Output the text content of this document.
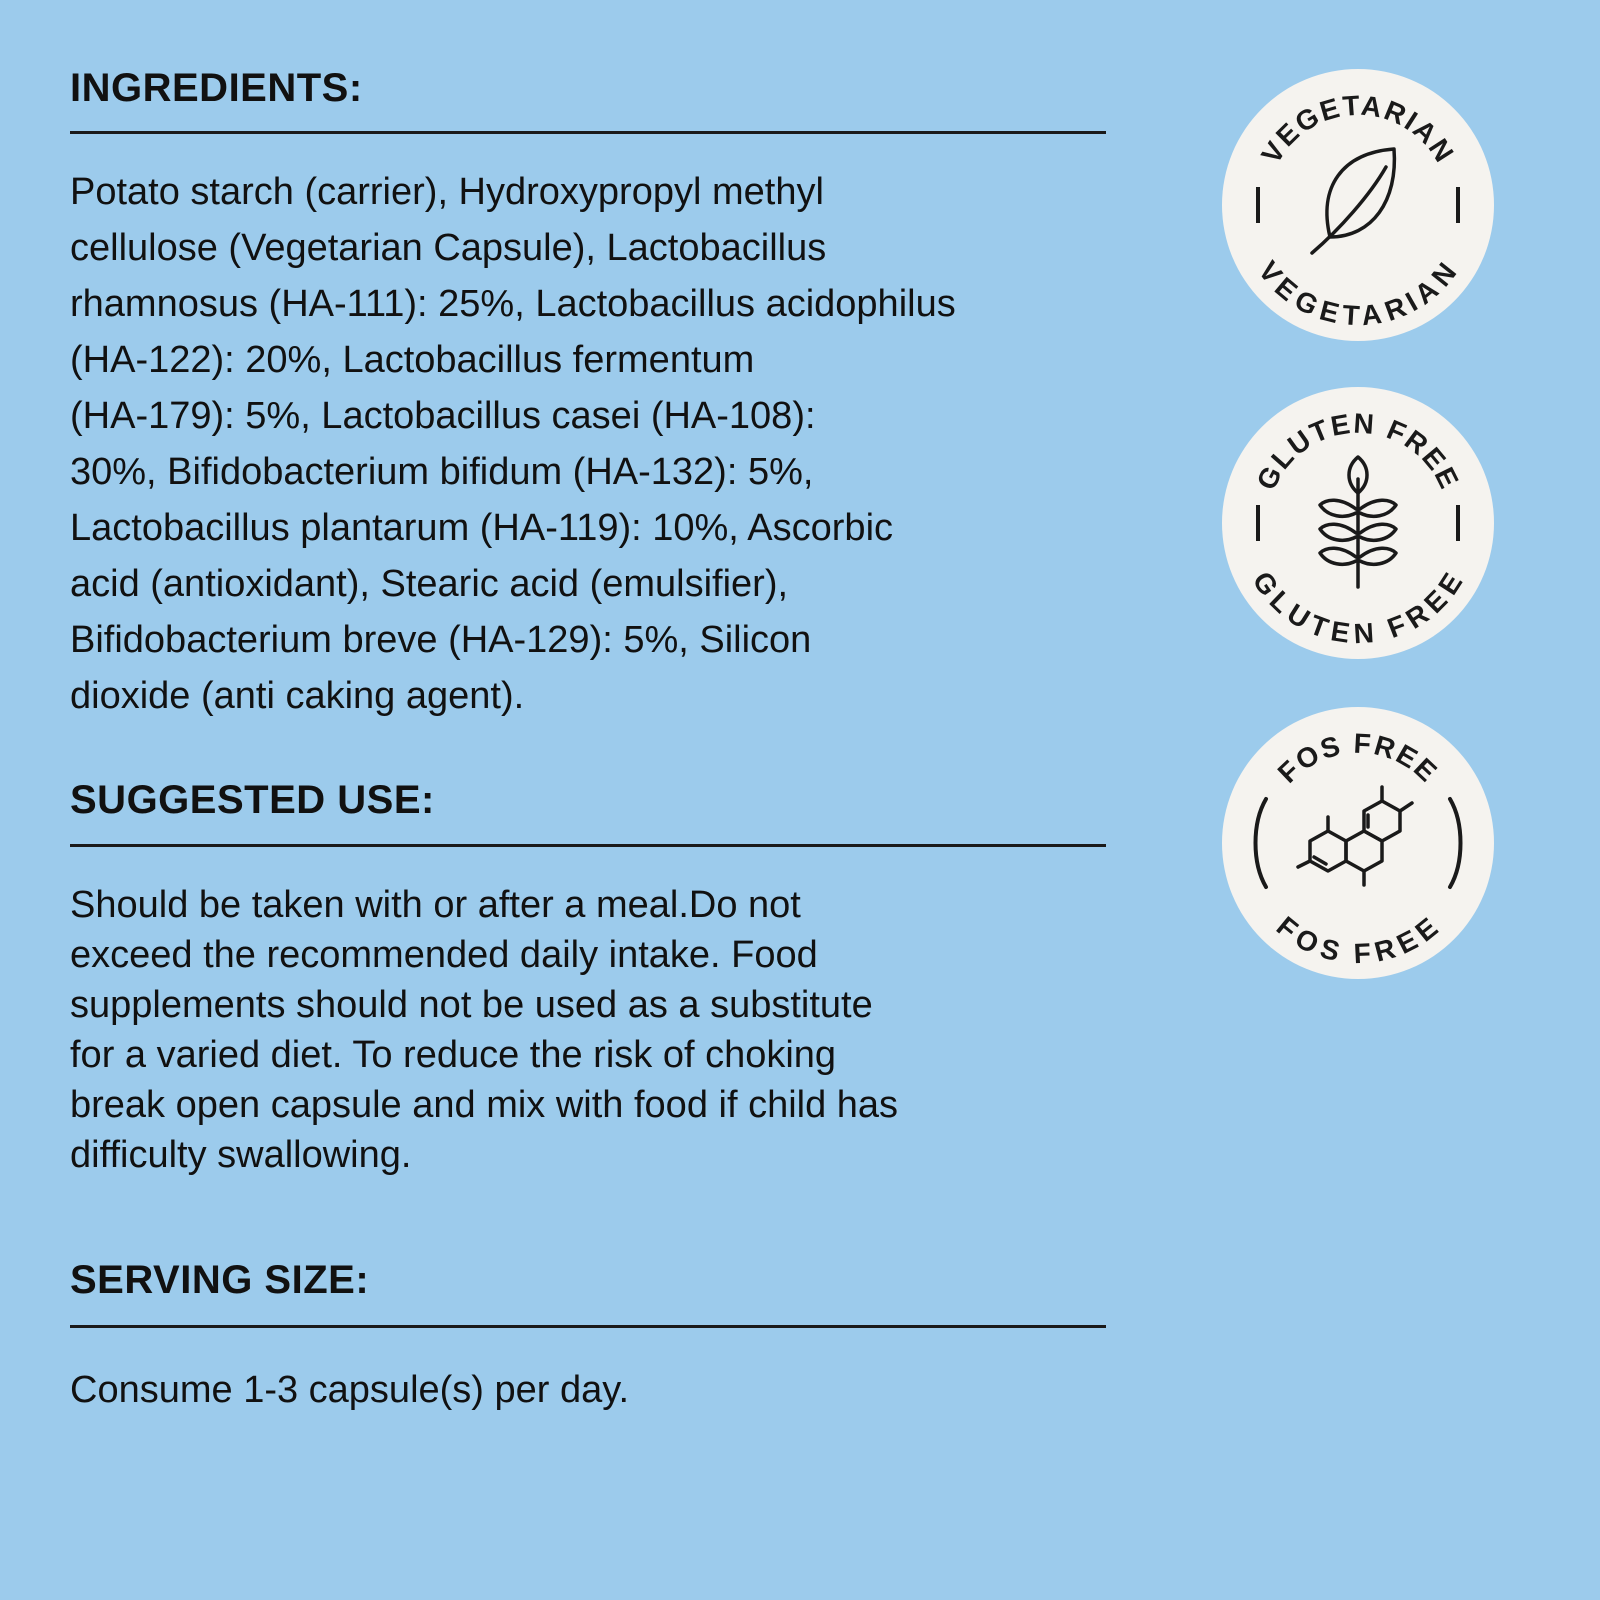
INGREDIENTS:

Potato starch (carrier), Hydroxypropyl methyl
cellulose (Vegetarian Capsule), Lactobacillus
rhamnosus (HA-111): 25%, Lactobacillus acidophilus
(HA-122): 20%, Lactobacillus fermentum
(HA-179): 5%, Lactobacillus casei (HA-108):
30%, Bifidobacterium bifidum (HA-132): 5%,
Lactobacillus plantarum (HA-119): 10%, Ascorbic
acid (antioxidant), Stearic acid (emulsifier),
Bifidobacterium breve (HA-129): 5%, Silicon
dioxide (anti caking agent).

SUGGESTED USE:

Should be taken with or after a meal.Do not
exceed the recommended daily intake. Food
supplements should not be used as a substitute
for a varied diet. To reduce the risk of choking
break open capsule and mix with food if child has
difficulty swallowing.

SERVING SIZE:

Consume 1-3 capsule(s) per day.

VEGETARIAN
VEGETARIAN
GLUTEN FREE
GLUTEN FREE
FOS FREE
FOS FREE
